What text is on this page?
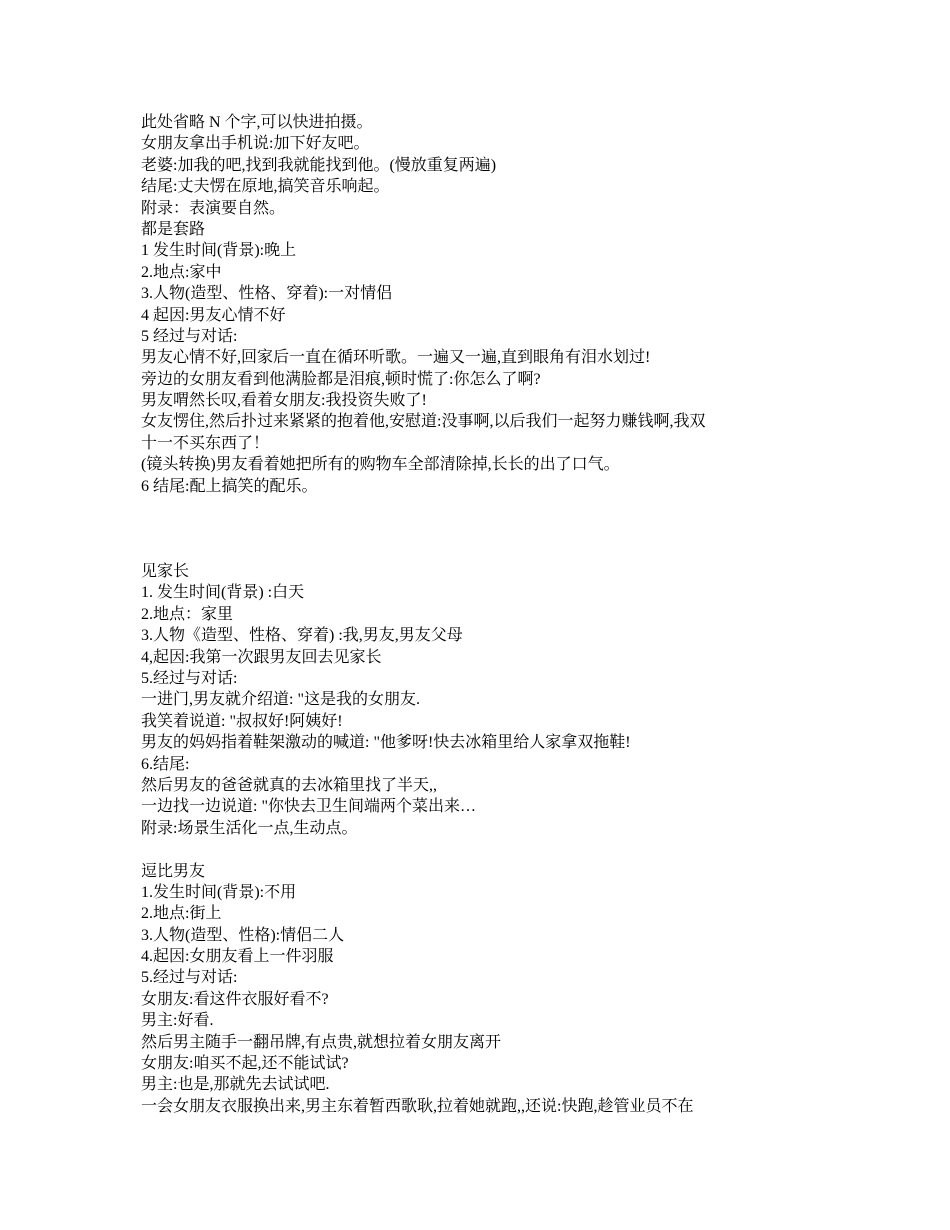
此处省略 N 个字,可以快进拍摄。
女朋友拿出手机说:加下好友吧。
老婆:加我的吧,找到我就能找到他。(慢放重复两遍)
结尾:丈夫愣在原地,搞笑音乐响起。
附录：表演要自然。
都是套路
1 发生时间(背景):晚上
2.地点:家中
3.人物(造型、性格、穿着):一对情侣
4 起因:男友心情不好
5 经过与对话:
男友心情不好,回家后一直在循环听歌。一遍又一遍,直到眼角有泪水划过!
旁边的女朋友看到他满脸都是泪痕,顿时慌了:你怎么了啊?
男友喟然长叹,看着女朋友:我投资失败了!
女友愣住,然后扑过来紧紧的抱着他,安慰道:没事啊,以后我们一起努力赚钱啊,我双
十一不买东西了！
(镜头转换)男友看着她把所有的购物车全部清除掉,长长的出了口气。
6 结尾:配上搞笑的配乐。
见家长
1. 发生时间(背景) :白天
2.地点：家里
3.人物《造型、性格、穿着) :我,男友,男友父母
4,起因:我第一次跟男友回去见家长
5.经过与对话:
一进门,男友就介绍道: "这是我的女朋友.
我笑着说道: "叔叔好!阿姨好!
男友的妈妈指着鞋架激动的喊道: "他爹呀!快去冰箱里给人家拿双拖鞋!
6.结尾:
然后男友的爸爸就真的去冰箱里找了半天,,
一边找一边说道: "你快去卫生间端两个菜出来…
附录:场景生活化一点,生动点。
逗比男友
1.发生时间(背景):不用
2.地点:街上
3.人物(造型、性格):情侣二人
4.起因:女朋友看上一件羽服
5.经过与对话:
女朋友:看这件衣服好看不?
男主:好看.
然后男主随手一翻吊牌,有点贵,就想拉着女朋友离开
女朋友:咱买不起,还不能试试?
男主:也是,那就先去试试吧.
一会女朋友衣服换出来,男主东着暂西歌耿,拉着她就跑,,还说:快跑,趁管业员不在
